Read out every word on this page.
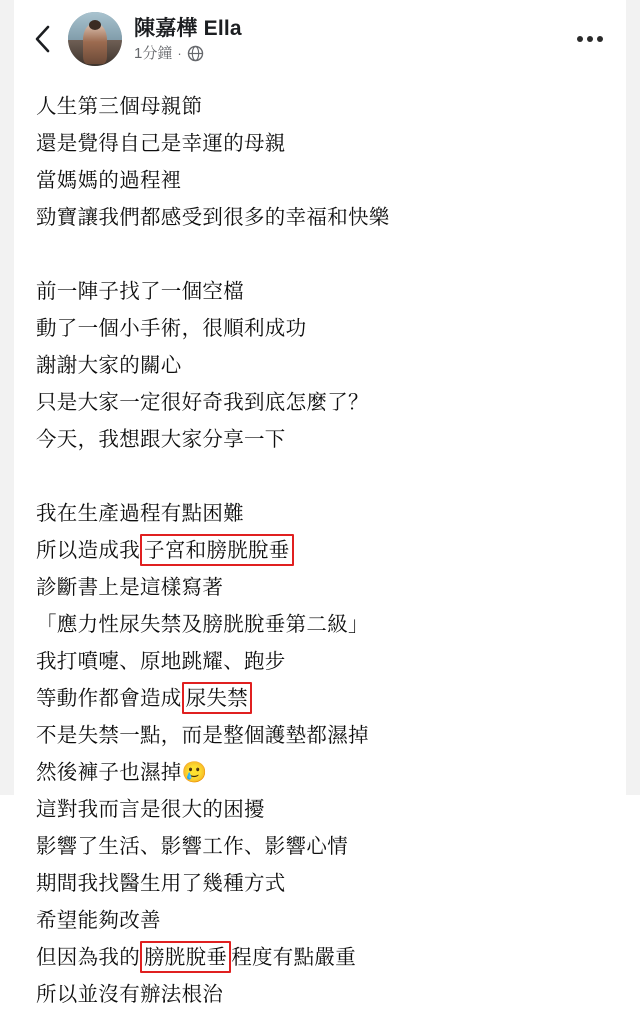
陳嘉樺 Ella
1分鐘 ·
人生第三個母親節
還是覺得自己是幸運的母親
當媽媽的過程裡
勁寶讓我們都感受到很多的幸福和快樂
前一陣子找了一個空檔
動了一個小手術，很順利成功
謝謝大家的關心
只是大家一定很好奇我到底怎麼了？
今天，我想跟大家分享一下
我在生產過程有點困難
所以造成我 子宮和膀胱脫垂
診斷書上是這樣寫著
「應力性尿失禁及膀胱脫垂第二級」
我打噴嚏、原地跳耀、跑步
等動作都會造成 尿失禁
不是失禁一點，而是整個護墊都濕掉
然後褲子也濕掉🥲
這對我而言是很大的困擾
影響了生活、影響工作、影響心情
期間我找醫生用了幾種方式
希望能夠改善
但因為我的 膀胱脫垂 程度有點嚴重
所以並沒有辦法根治
